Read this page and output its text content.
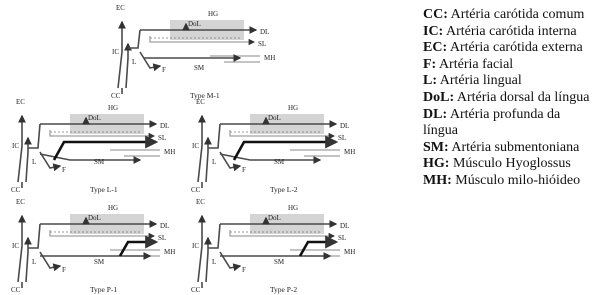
EC
IC
CC
L
F
HG
DoL
DL
SL
MH
SM
Type M-1
EC
IC
CC
L
F
HG
DoL
DL
SL
MH
SM
Type L-1
EC
IC
CC
L
F
HG
DoL
DL
SL
MH
SM
Type L-2
EC
IC
CC
L
F
HG
DoL
DL
SL
MH
SM
Type P-1
EC
IC
CC
L
F
HG
DoL
DL
SL
MH
SM
Type P-2
CC: Artéria carótida comum
IC: Artéria carótida interna
EC: Artéria carótida externa
F: Artéria facial
L: Artéria lingual
DoL: Artéria dorsal da língua
DL: Artéria profunda da língua
SM: Artéria submentoniana
HG: Músculo Hyoglossus
MH: Músculo milo-hióideo
